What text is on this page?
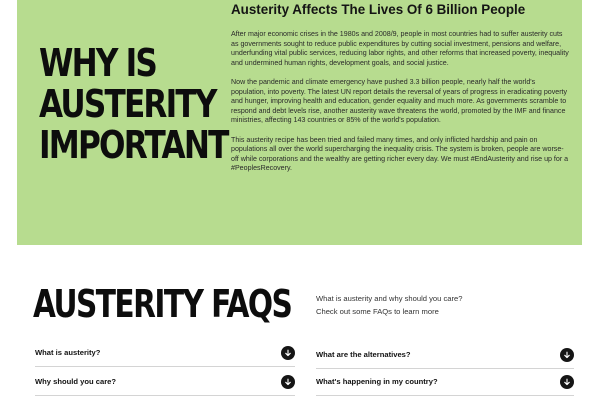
WHY IS AUSTERITY IMPORTANT
Austerity Affects The Lives Of 6 Billion People

After major economic crises in the 1980s and 2008/9, people in most countries had to suffer austerity cuts as governments sought to reduce public expenditures by cutting social investment, pensions and welfare, underfunding vital public services, reducing labor rights, and other reforms that increased poverty, inequality and undermined human rights, development goals, and social justice.

Now the pandemic and climate emergency have pushed 3.3 billion people, nearly half the world's population, into poverty. The latest UN report details the reversal of years of progress in eradicating poverty and hunger, improving health and education, gender equality and much more. As governments scramble to respond and debt levels rise, another austerity wave threatens the world, promoted by the IMF and finance ministries, affecting 143 countries or 85% of the world's population.

This austerity recipe has been tried and failed many times, and only inflicted hardship and pain on populations all over the world supercharging the inequality crisis. The system is broken, people are worse-off while corporations and the wealthy are getting richer every day. We must #EndAusterity and rise up for a #PeoplesRecovery.

AUSTERITY FAQS	What is austerity and why should you care?
Check out some FAQs to learn more
What is austerity?	What are the alternatives?
Why should you care?	What's happening in my country?
